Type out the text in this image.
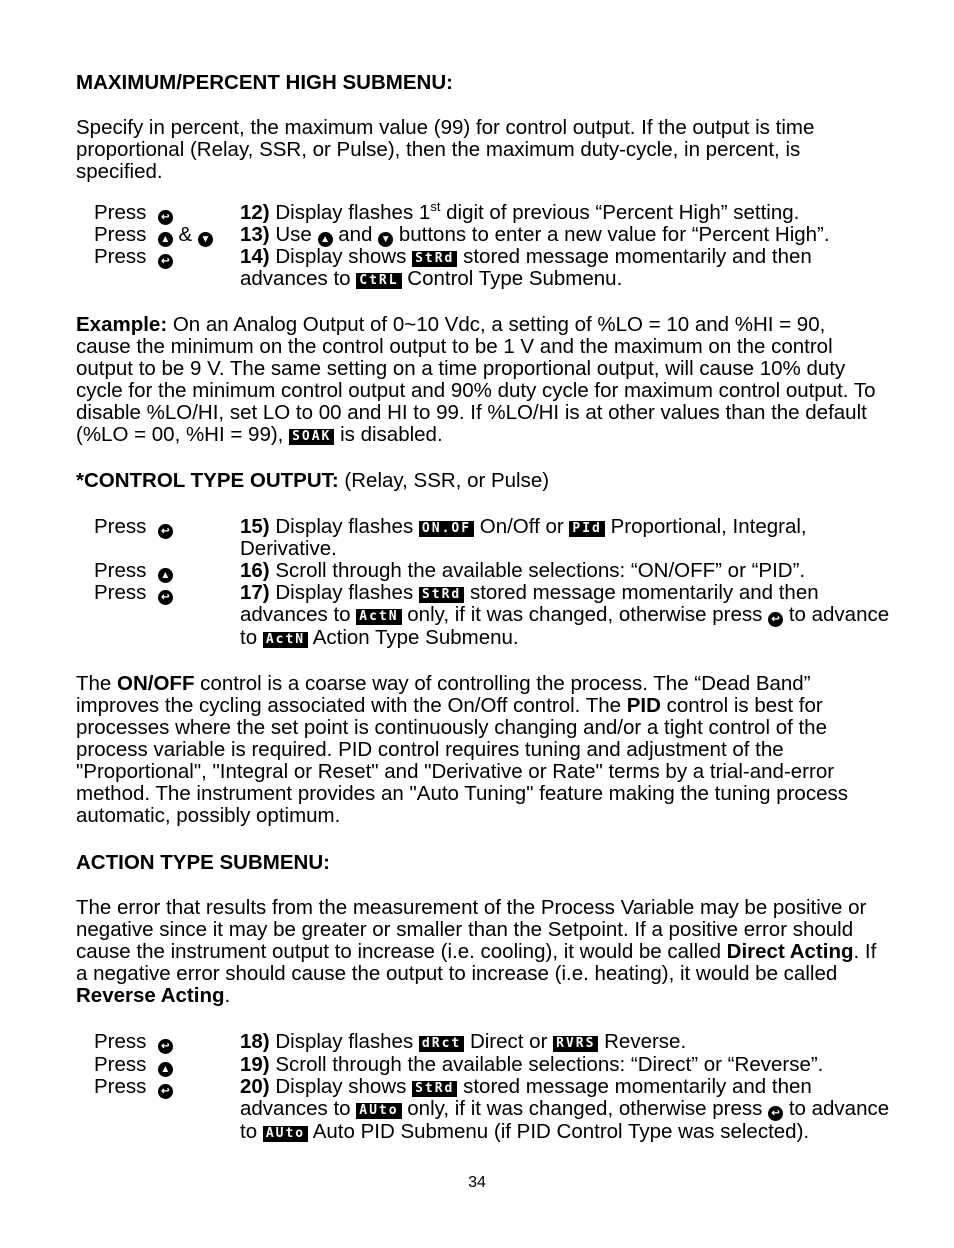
MAXIMUM/PERCENT HIGH SUBMENU:
Specify in percent, the maximum value (99) for control output. If the output is time proportional (Relay, SSR, or Pulse), then the maximum duty-cycle, in percent, is specified.
Press ↩	12) Display flashes 1st digit of previous “Percent High” setting.
Press ▲ & ▼ 13) Use ▲ and ▼ buttons to enter a new value for “Percent High”.
Press ↩	14) Display shows StRd stored message momentarily and then advances to CtRL Control Type Submenu.
Example: On an Analog Output of 0~10 Vdc, a setting of %LO = 10 and %HI = 90, cause the minimum on the control output to be 1 V and the maximum on the control output to be 9 V. The same setting on a time proportional output, will cause 10% duty cycle for the minimum control output and 90% duty cycle for maximum control output. To disable %LO/HI, set LO to 00 and HI to 99. If %LO/HI is at other values than the default (%LO = 00, %HI = 99), SOAK is disabled.
*CONTROL TYPE OUTPUT: (Relay, SSR, or Pulse)
Press ↩	15) Display flashes ON.OF On/Off or PId Proportional, Integral, Derivative.
Press ▲	16) Scroll through the available selections: “ON/OFF” or “PID”.
Press ↩	17) Display flashes StRd stored message momentarily and then advances to ActN only, if it was changed, otherwise press ↩ to advance to ActN Action Type Submenu.
The ON/OFF control is a coarse way of controlling the process. The “Dead Band” improves the cycling associated with the On/Off control. The PID control is best for processes where the set point is continuously changing and/or a tight control of the process variable is required. PID control requires tuning and adjustment of the "Proportional", "Integral or Reset" and "Derivative or Rate" terms by a trial-and-error method. The instrument provides an "Auto Tuning" feature making the tuning process automatic, possibly optimum.
ACTION TYPE SUBMENU:
The error that results from the measurement of the Process Variable may be positive or negative since it may be greater or smaller than the Setpoint. If a positive error should cause the instrument output to increase (i.e. cooling), it would be called Direct Acting. If a negative error should cause the output to increase (i.e. heating), it would be called Reverse Acting.
Press ↩	18) Display flashes dRct Direct or RVRS Reverse.
Press ▲	19) Scroll through the available selections: “Direct” or “Reverse”.
Press ↩	20) Display shows StRd stored message momentarily and then advances to AUto only, if it was changed, otherwise press ↩ to advance to AUto Auto PID Submenu (if PID Control Type was selected).
34
